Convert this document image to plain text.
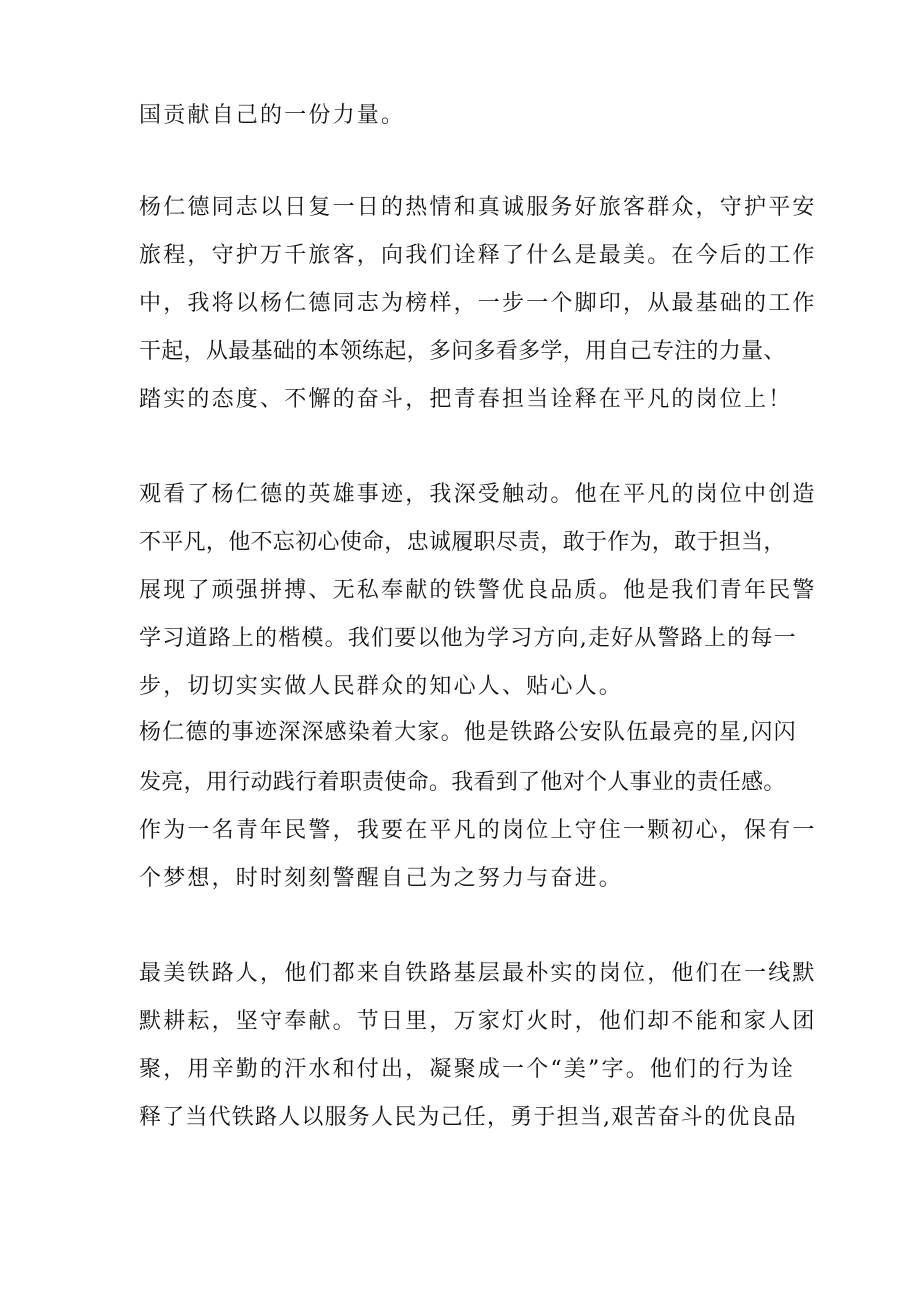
国贡献自己的一份力量。
杨仁德同志以日复一日的热情和真诚服务好旅客群众，守护平安
旅程，守护万千旅客，向我们诠释了什么是最美。在今后的工作
中，我将以杨仁德同志为榜样，一步一个脚印，从最基础的工作
干起，从最基础的本领练起，多问多看多学，用自己专注的力量、
踏实的态度、不懈的奋斗，把青春担当诠释在平凡的岗位上！
观看了杨仁德的英雄事迹，我深受触动。他在平凡的岗位中创造
不平凡，他不忘初心使命，忠诚履职尽责，敢于作为，敢于担当，
展现了顽强拼搏、无私奉献的铁警优良品质。他是我们青年民警
学习道路上的楷模。我们要以他为学习方向,走好从警路上的每一
步，切切实实做人民群众的知心人、贴心人。
杨仁德的事迹深深感染着大家。他是铁路公安队伍最亮的星,闪闪
发亮，用行动践行着职责使命。我看到了他对个人事业的责任感。
作为一名青年民警，我要在平凡的岗位上守住一颗初心，保有一
个梦想，时时刻刻警醒自己为之努力与奋进。
最美铁路人，他们都来自铁路基层最朴实的岗位，他们在一线默
默耕耘，坚守奉献。节日里，万家灯火时，他们却不能和家人团
聚，用辛勤的汗水和付出，凝聚成一个“美”字。他们的行为诠
释了当代铁路人以服务人民为己任，勇于担当,艰苦奋斗的优良品
